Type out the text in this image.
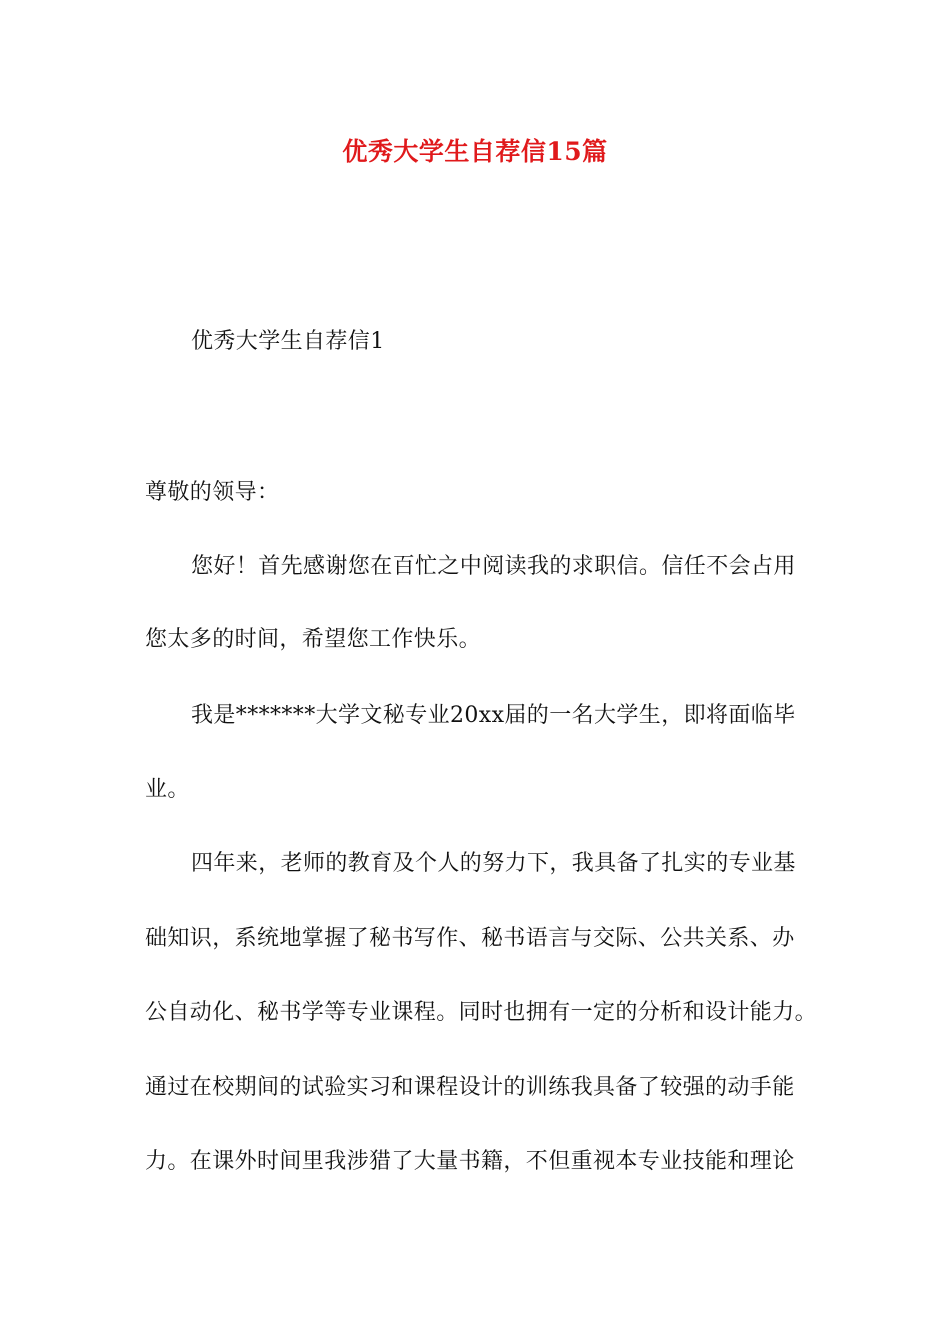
优秀大学生自荐信15篇
优秀大学生自荐信1
尊敬的领导：
您好！首先感谢您在百忙之中阅读我的求职信。信任不会占用
您太多的时间，希望您工作快乐。
我是*******大学文秘专业20xx届的一名大学生，即将面临毕
业。
四年来，老师的教育及个人的努力下，我具备了扎实的专业基
础知识，系统地掌握了秘书写作、秘书语言与交际、公共关系、办
公自动化、秘书学等专业课程。同时也拥有一定的分析和设计能力。
通过在校期间的试验实习和课程设计的训练我具备了较强的动手能
力。在课外时间里我涉猎了大量书籍，不但重视本专业技能和理论
